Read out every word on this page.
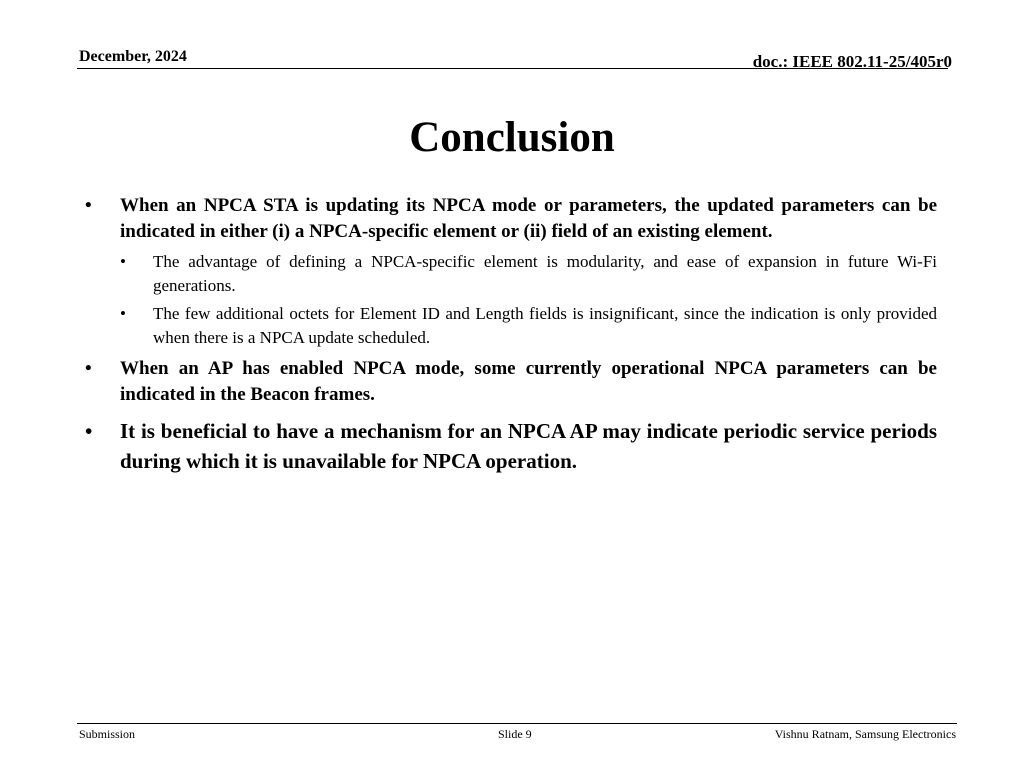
December, 2024	doc.: IEEE 802.11-25/405r0
Conclusion
• When an NPCA STA is updating its NPCA mode or parameters, the updated parameters can be indicated in either (i) a NPCA-specific element or (ii) field of an existing element.
• The advantage of defining a NPCA-specific element is modularity, and ease of expansion in future Wi-Fi generations.
• The few additional octets for Element ID and Length fields is insignificant, since the indication is only provided when there is a NPCA update scheduled.
• When an AP has enabled NPCA mode, some currently operational NPCA parameters can be indicated in the Beacon frames.
• It is beneficial to have a mechanism for an NPCA AP may indicate periodic service periods during which it is unavailable for NPCA operation.
Submission	Slide 9	Vishnu Ratnam, Samsung Electronics
